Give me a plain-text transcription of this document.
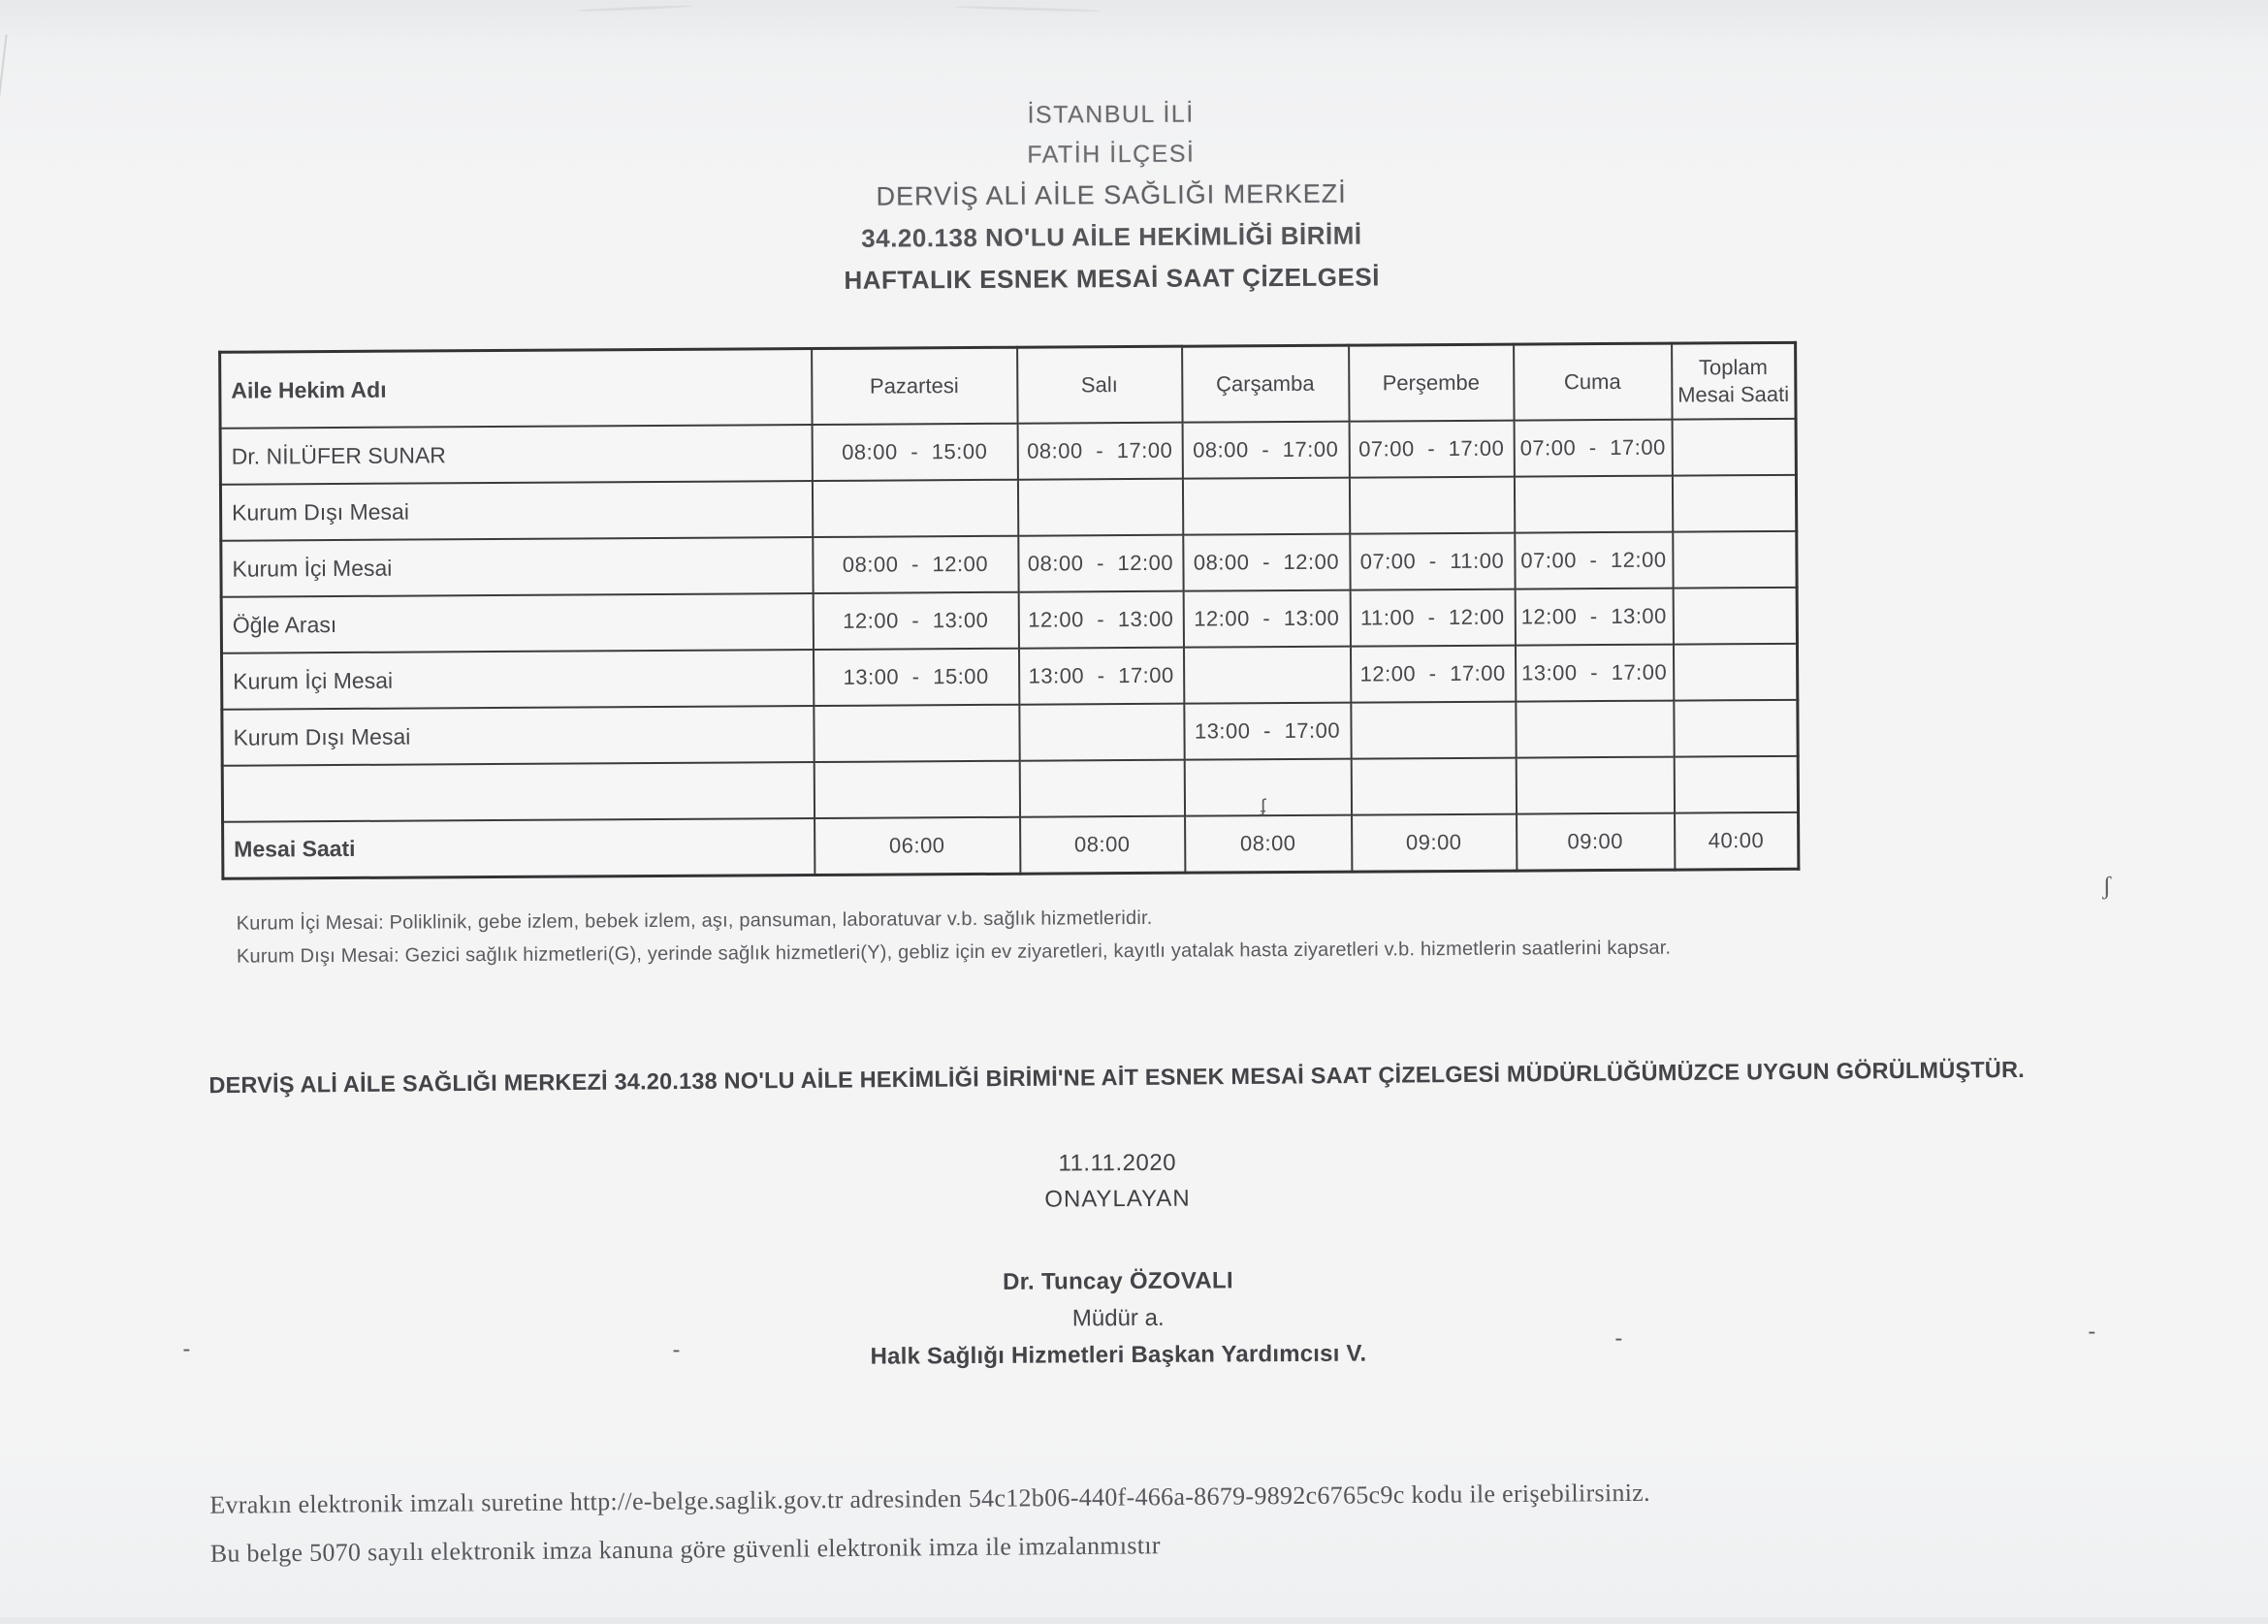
İSTANBUL İLİ
FATİH İLÇESİ
DERVİŞ ALİ AİLE SAĞLIĞI MERKEZİ
34.20.138 NO'LU AİLE HEKİMLİĞİ BİRİMİ
HAFTALIK ESNEK MESAİ SAAT ÇİZELGESİ
Aile Hekim Adı	Pazartesi	Salı	Çarşamba	Perşembe	Cuma	Toplam Mesai Saati
Dr. NİLÜFER SUNAR	08:00 - 15:00	08:00 - 17:00	08:00 - 17:00	07:00 - 17:00	07:00 - 17:00	
Kurum Dışı Mesai						
Kurum İçi Mesai	08:00 - 12:00	08:00 - 12:00	08:00 - 12:00	07:00 - 11:00	07:00 - 12:00	
Öğle Arası	12:00 - 13:00	12:00 - 13:00	12:00 - 13:00	11:00 - 12:00	12:00 - 13:00	
Kurum İçi Mesai	13:00 - 15:00	13:00 - 17:00		12:00 - 17:00	13:00 - 17:00	
Kurum Dışı Mesai			13:00 - 17:00			

Mesai Saati	06:00	08:00	08:00	09:00	09:00	40:00
Kurum İçi Mesai: Poliklinik, gebe izlem, bebek izlem, aşı, pansuman, laboratuvar v.b. sağlık hizmetleridir.
Kurum Dışı Mesai: Gezici sağlık hizmetleri(G), yerinde sağlık hizmetleri(Y), gebliz için ev ziyaretleri, kayıtlı yatalak hasta ziyaretleri v.b. hizmetlerin saatlerini kapsar.
DERVİŞ ALİ AİLE SAĞLIĞI MERKEZİ 34.20.138 NO'LU AİLE HEKİMLİĞİ BİRİMİ'NE AİT ESNEK MESAİ SAAT ÇİZELGESİ MÜDÜRLÜĞÜMÜZCE UYGUN GÖRÜLMÜŞTÜR.
11.11.2020
ONAYLAYAN
Dr. Tuncay ÖZOVALI
Müdür a.
Halk Sağlığı Hizmetleri Başkan Yardımcısı V.
Evrakın elektronik imzalı suretine http://e-belge.saglik.gov.tr adresinden 54c12b06-440f-466a-8679-9892c6765c9c kodu ile erişebilirsiniz.
Bu belge 5070 sayılı elektronik imza kanuna göre güvenli elektronik imza ile imzalanmıstır
-	-	-	-
ʃ
ʄ
